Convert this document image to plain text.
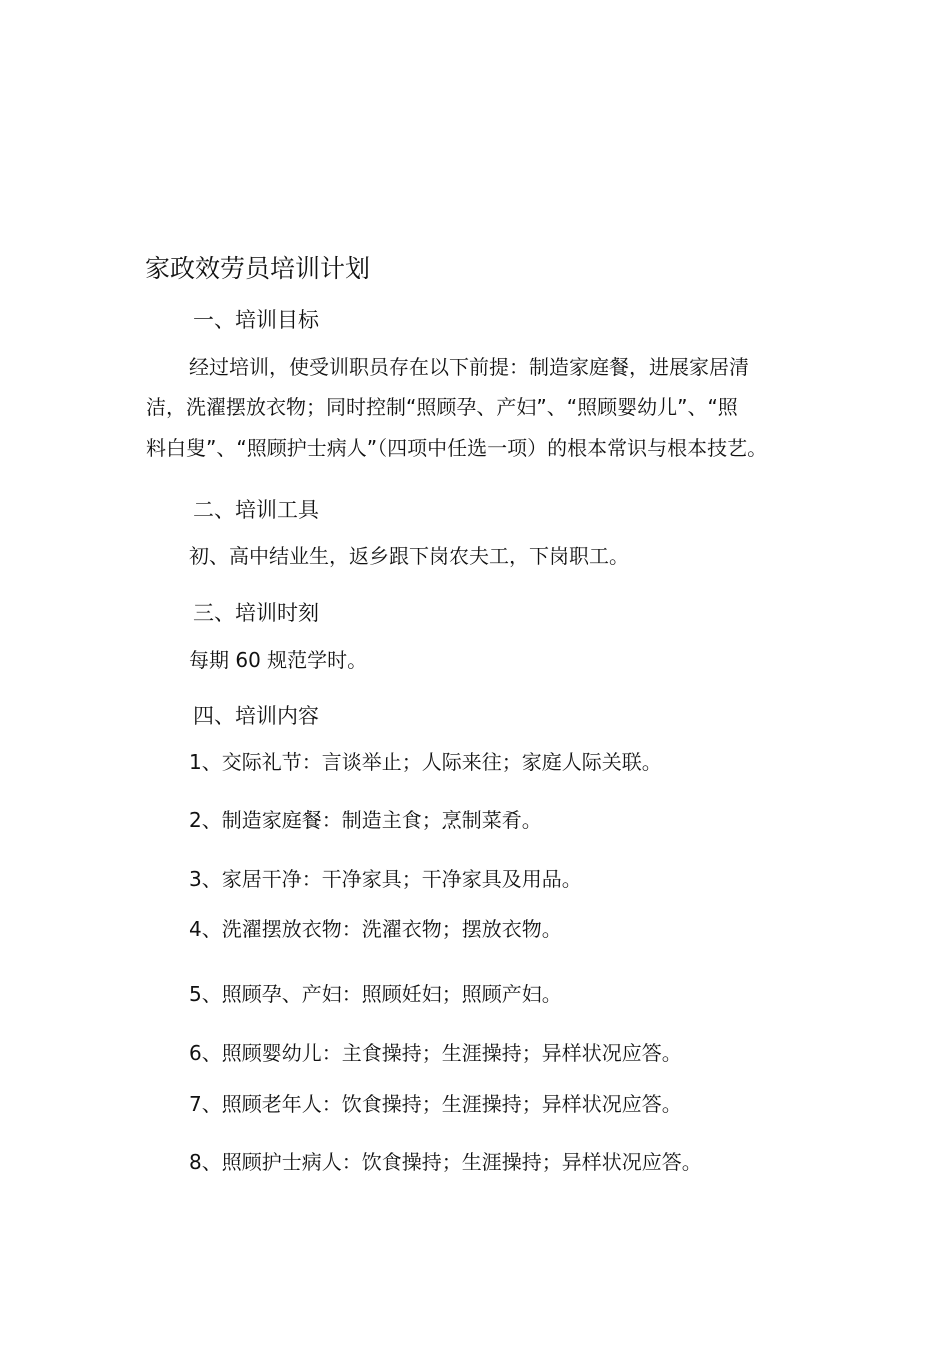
家政效劳员培训计划
一、培训目标
经过培训，使受训职员存在以下前提：制造家庭餐，进展家居清
洁，洗濯摆放衣物；同时控制“照顾孕、产妇”、“照顾婴幼儿”、“照
料白叟”、“照顾护士病人”（四项中任选一项）的根本常识与根本技艺。
二、培训工具
初、高中结业生，返乡跟下岗农夫工，下岗职工。
三、培训时刻
每期 60 规范学时。
四、培训内容
1、交际礼节：言谈举止；人际来往；家庭人际关联。
2、制造家庭餐：制造主食；烹制菜肴。
3、家居干净：干净家具；干净家具及用品。
4、洗濯摆放衣物：洗濯衣物；摆放衣物。
5、照顾孕、产妇：照顾妊妇；照顾产妇。
6、照顾婴幼儿：主食操持；生涯操持；异样状况应答。
7、照顾老年人：饮食操持；生涯操持；异样状况应答。
8、照顾护士病人：饮食操持；生涯操持；异样状况应答。
